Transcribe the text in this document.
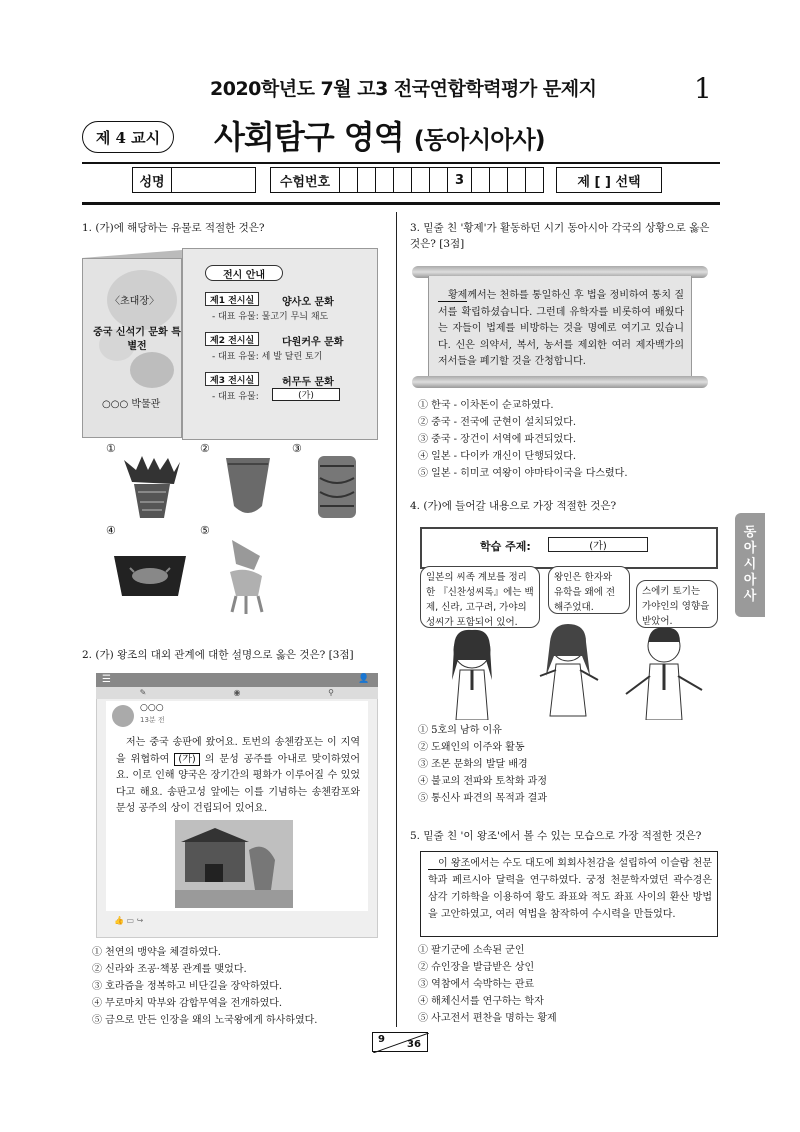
2020학년도 7월 고3 전국연합학력평가 문제지	1
제 4 교시	사회탐구 영역 (동아시아사)
성명	수험번호	3	제 [ ] 선택
1. (가)에 해당하는 유물로 적절한 것은?
〈초대장〉
중국 신석기 문화 특별전
○○○ 박물관
전시 안내
제1 전시실	양사오 문화
- 대표 유물: 물고기 무늬 채도
제2 전시실	다원커우 문화
- 대표 유물: 세 발 달린 토기
제3 전시실	허무두 문화
- 대표 유물:	(가)
①	②	③
④	⑤
2. (가) 왕조의 대외 관계에 대한 설명으로 옳은 것은? [3점]
☰	👤
✎	◉	⚲
○○○
13분 전
저는 중국 송판에 왔어요. 토번의 송첸캄포는 이 지역을 위협하여 (가) 의 문성 공주를 아내로 맞이하였어요. 이로 인해 양국은 장기간의 평화가 이루어질 수 있었다고 해요. 송판고성 앞에는 이를 기념하는 송첸캄포와 문성 공주의 상이 건립되어 있어요.
👍 ▭ ↪
① 천연의 맹약을 체결하였다.
② 신라와 조공·책봉 관계를 맺었다.
③ 호라즘을 정복하고 비단길을 장악하였다.
④ 무로마치 막부와 감합무역을 전개하였다.
⑤ 금으로 만든 인장을 왜의 노국왕에게 하사하였다.
3. 밑줄 친 '황제'가 활동하던 시기 동아시아 각국의 상황으로 옳은 것은? [3점]
황제께서는 천하를 통일하신 후 법을 정비하여 통치 질서를 확립하셨습니다. 그런데 유학자를 비롯하여 배웠다는 자들이 법제를 비방하는 것을 명예로 여기고 있습니다. 신은 의약서, 복서, 농서를 제외한 여러 제자백가의 저서들을 폐기할 것을 간청합니다.
① 한국 - 이차돈이 순교하였다.
② 중국 - 전국에 군현이 설치되었다.
③ 중국 - 장건이 서역에 파견되었다.
④ 일본 - 다이카 개신이 단행되었다.
⑤ 일본 - 히미코 여왕이 야마타이국을 다스렸다.
4. (가)에 들어갈 내용으로 가장 적절한 것은?
학습 주제:	(가)
일본의 씨족 계보를 정리한 『신찬성씨록』에는 백제, 신라, 고구려, 가야의 성씨가 포함되어 있어.
왕인은 한자와 유학을 왜에 전해주었대.
스에키 토기는 가야인의 영향을 받았어.
① 5호의 남하 이유
② 도왜인의 이주와 활동
③ 조몬 문화의 발달 배경
④ 불교의 전파와 토착화 과정
⑤ 통신사 파견의 목적과 결과
5. 밑줄 친 '이 왕조'에서 볼 수 있는 모습으로 가장 적절한 것은?
이 왕조에서는 수도 대도에 회회사천감을 설립하여 이슬람 천문학과 페르시아 달력을 연구하였다. 궁정 천문학자였던 곽수경은 삼각 기하학을 이용하여 황도 좌표와 적도 좌표 사이의 환산 방법을 고안하였고, 여러 역법을 참작하여 수시력을 만들었다.
① 팔기군에 소속된 군인
② 슈인장을 발급받은 상인
③ 역참에서 숙박하는 관료
④ 해체신서를 연구하는 학자
⑤ 사고전서 편찬을 명하는 황제
동
아
시
아
사
9 36
